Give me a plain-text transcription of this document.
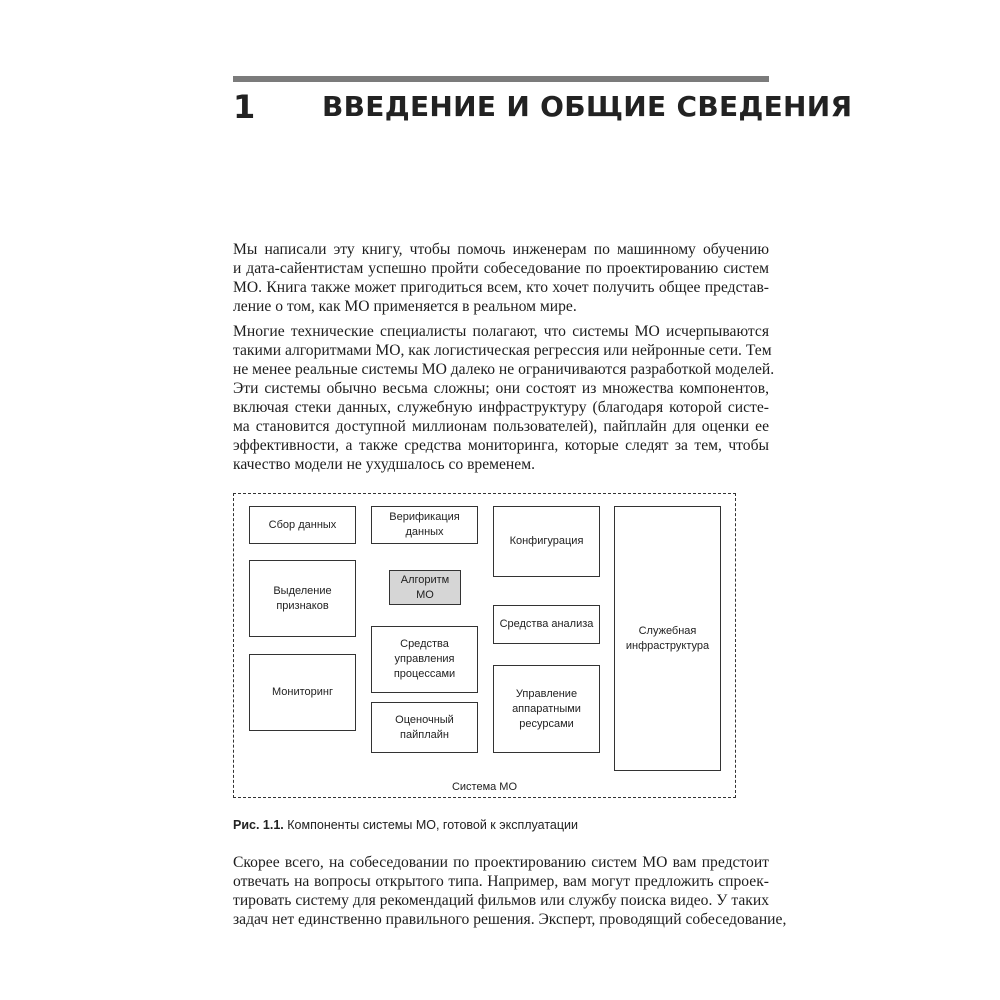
1 ВВЕДЕНИЕ И ОБЩИЕ СВЕДЕНИЯ
Мы написали эту книгу, чтобы помочь инженерам по машинному обучению
и дата-сайентистам успешно пройти собеседование по проектированию систем
МО. Книга также может пригодиться всем, кто хочет получить общее представ-
ление о том, как МО применяется в реальном мире.
Многие технические специалисты полагают, что системы МО исчерпываются
такими алгоритмами МО, как логистическая регрессия или нейронные сети. Тем
не менее реальные системы МО далеко не ограничиваются разработкой моделей.
Эти системы обычно весьма сложны; они состоят из множества компонентов,
включая стеки данных, служебную инфраструктуру (благодаря которой систе-
ма становится доступной миллионам пользователей), пайплайн для оценки ее
эффективности, а также средства мониторинга, которые следят за тем, чтобы
качество модели не ухудшалось со временем.
Сбор данных
Выделение признаков
Мониторинг
Верификация данных
Алгоритм МО
Средства управления процессами
Оценочный пайплайн
Конфигурация
Средства анализа
Управление аппаратными ресурсами
Служебная инфраструктура
Система МО
Рис. 1.1. Компоненты системы МО, готовой к эксплуатации
Скорее всего, на собеседовании по проектированию систем МО вам предстоит
отвечать на вопросы открытого типа. Например, вам могут предложить спроек-
тировать систему для рекомендаций фильмов или службу поиска видео. У таких
задач нет единственно правильного решения. Эксперт, проводящий собеседование,
